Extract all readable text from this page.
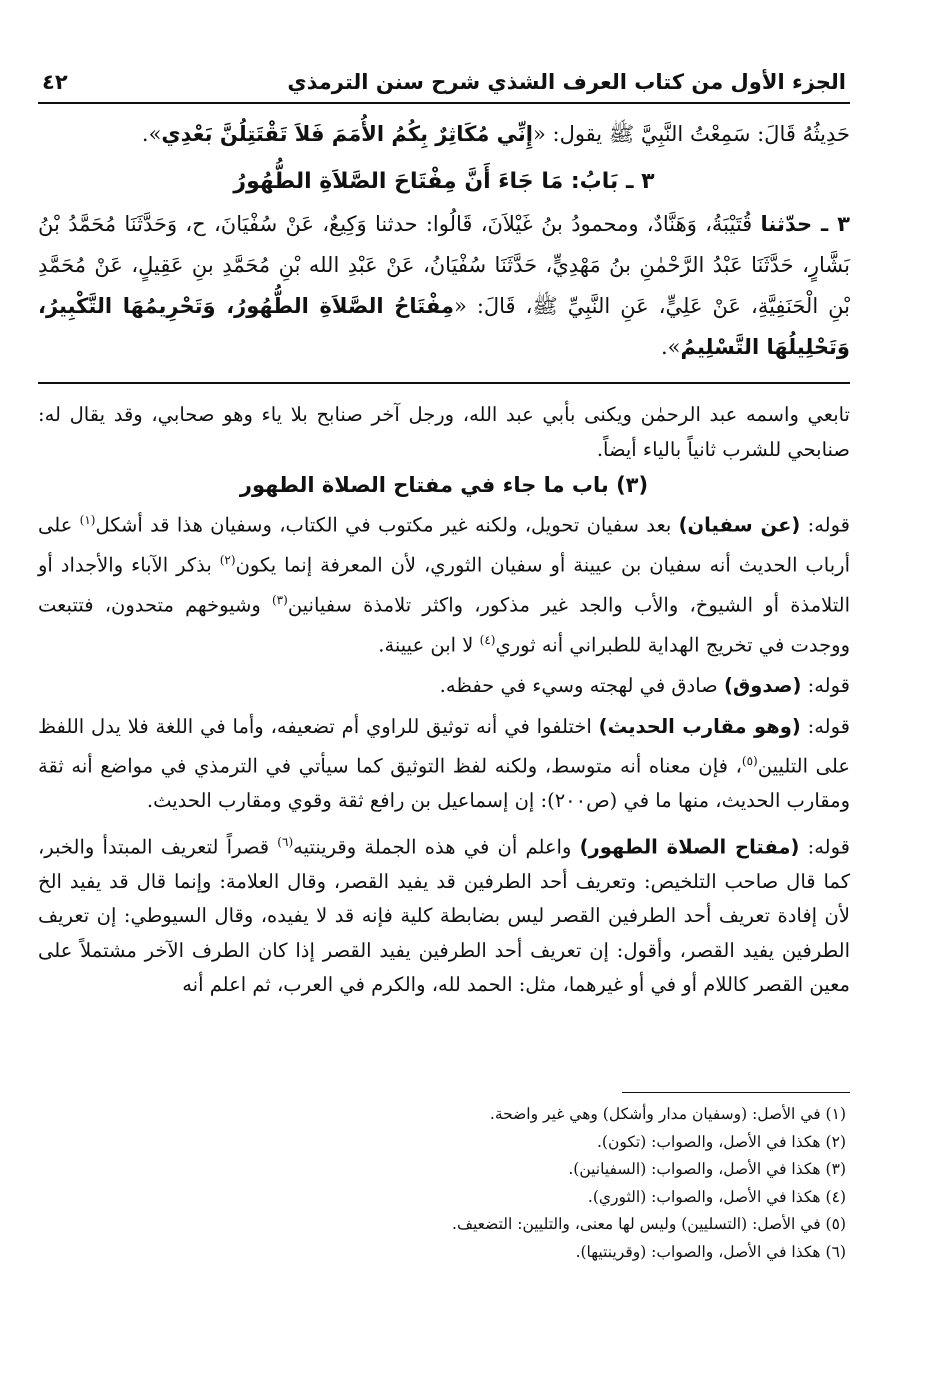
الجزء الأول من كتاب العرف الشذي شرح سنن الترمذي
٤٢

حَدِيثُهُ قَالَ: سَمِعْتُ النَّبِيَّ ﷺ يقول: «إِنِّي مُكَاثِرٌ بِكُمُ الأُمَمَ فَلاَ تَقْتَتِلُنَّ بَعْدِي».

٣ ـ بَابُ: مَا جَاءَ أَنَّ مِفْتَاحَ الصَّلاَةِ الطُّهُورُ

٣ ـ حدّثنا قُتَيْبَةُ، وَهَنَّادٌ، ومحمودُ بنُ غَيْلاَنَ، قَالُوا: حدثنا وَكِيعٌ، عَنْ سُفْيَانَ، ح، وَحَدَّثَنَا مُحَمَّدُ بْنُ بَشَّارٍ، حَدَّثَنَا عَبْدُ الرَّحْمٰنِ بنُ مَهْدِيٍّ، حَدَّثَنَا سُفْيَانُ، عَنْ عَبْدِ الله بْنِ مُحَمَّدِ بنِ عَقِيلٍ، عَنْ مُحَمَّدِ بْنِ الْحَنَفِيَّةِ، عَنْ عَلِيٍّ، عَنِ النَّبِيِّ ﷺ، قَالَ: «مِفْتَاحُ الصَّلاَةِ الطُّهُورُ، وَتَحْرِيمُهَا التَّكْبِيرُ، وَتَحْلِيلُهَا التَّسْلِيمُ».

تابعي واسمه عبد الرحمٰن ويكنى بأبي عبد الله، ورجل آخر صنابح بلا ياء وهو صحابي، وقد يقال له: صنابحي للشرب ثانياً بالياء أيضاً.

(٣) باب ما جاء في مفتاح الصلاة الطهور

قوله: (عن سفيان) بعد سفيان تحويل، ولكنه غير مكتوب في الكتاب، وسفيان هذا قد أشكل$^{(١)}$ على أرباب الحديث أنه سفيان بن عيينة أو سفيان الثوري، لأن المعرفة إنما يكون$^{(٢)}$ بذكر الآباء والأجداد أو التلامذة أو الشيوخ، والأب والجد غير مذكور، واكثر تلامذة سفيانين$^{(٣)}$ وشيوخهم متحدون، فتتبعت ووجدت في تخريج الهداية للطبراني أنه ثوري$^{(٤)}$ لا ابن عيينة.

قوله: (صدوق) صادق في لهجته وسيء في حفظه.

قوله: (وهو مقارب الحديث) اختلفوا في أنه توثيق للراوي أم تضعيفه، وأما في اللغة فلا يدل اللفظ على التليين$^{(٥)}$، فإن معناه أنه متوسط، ولكنه لفظ التوثيق كما سيأتي في الترمذي في مواضع أنه ثقة ومقارب الحديث، منها ما في (ص٢٠٠): إن إسماعيل بن رافع ثقة وقوي ومقارب الحديث.

قوله: (مفتاح الصلاة الطهور) واعلم أن في هذه الجملة وقرينتيه$^{(٦)}$ قصراً لتعريف المبتدأ والخبر، كما قال صاحب التلخيص: وتعريف أحد الطرفين قد يفيد القصر، وقال العلامة: وإنما قال قد يفيد الخ لأن إفادة تعريف أحد الطرفين القصر ليس بضابطة كلية فإنه قد لا يفيده، وقال السيوطي: إن تعريف الطرفين يفيد القصر، وأقول: إن تعريف أحد الطرفين يفيد القصر إذا كان الطرف الآخر مشتملاً على معين القصر كاللام أو في أو غيرهما، مثل: الحمد لله، والكرم في العرب، ثم اعلم أنه

(١) في الأصل: (وسفيان مدار وأشكل) وهي غير واضحة.
(٢) هكذا في الأصل، والصواب: (تكون).
(٣) هكذا في الأصل، والصواب: (السفيانين).
(٤) هكذا في الأصل، والصواب: (الثوري).
(٥) في الأصل: (التسليين) وليس لها معنى، والتليين: التضعيف.
(٦) هكذا في الأصل، والصواب: (وقرينتيها).
